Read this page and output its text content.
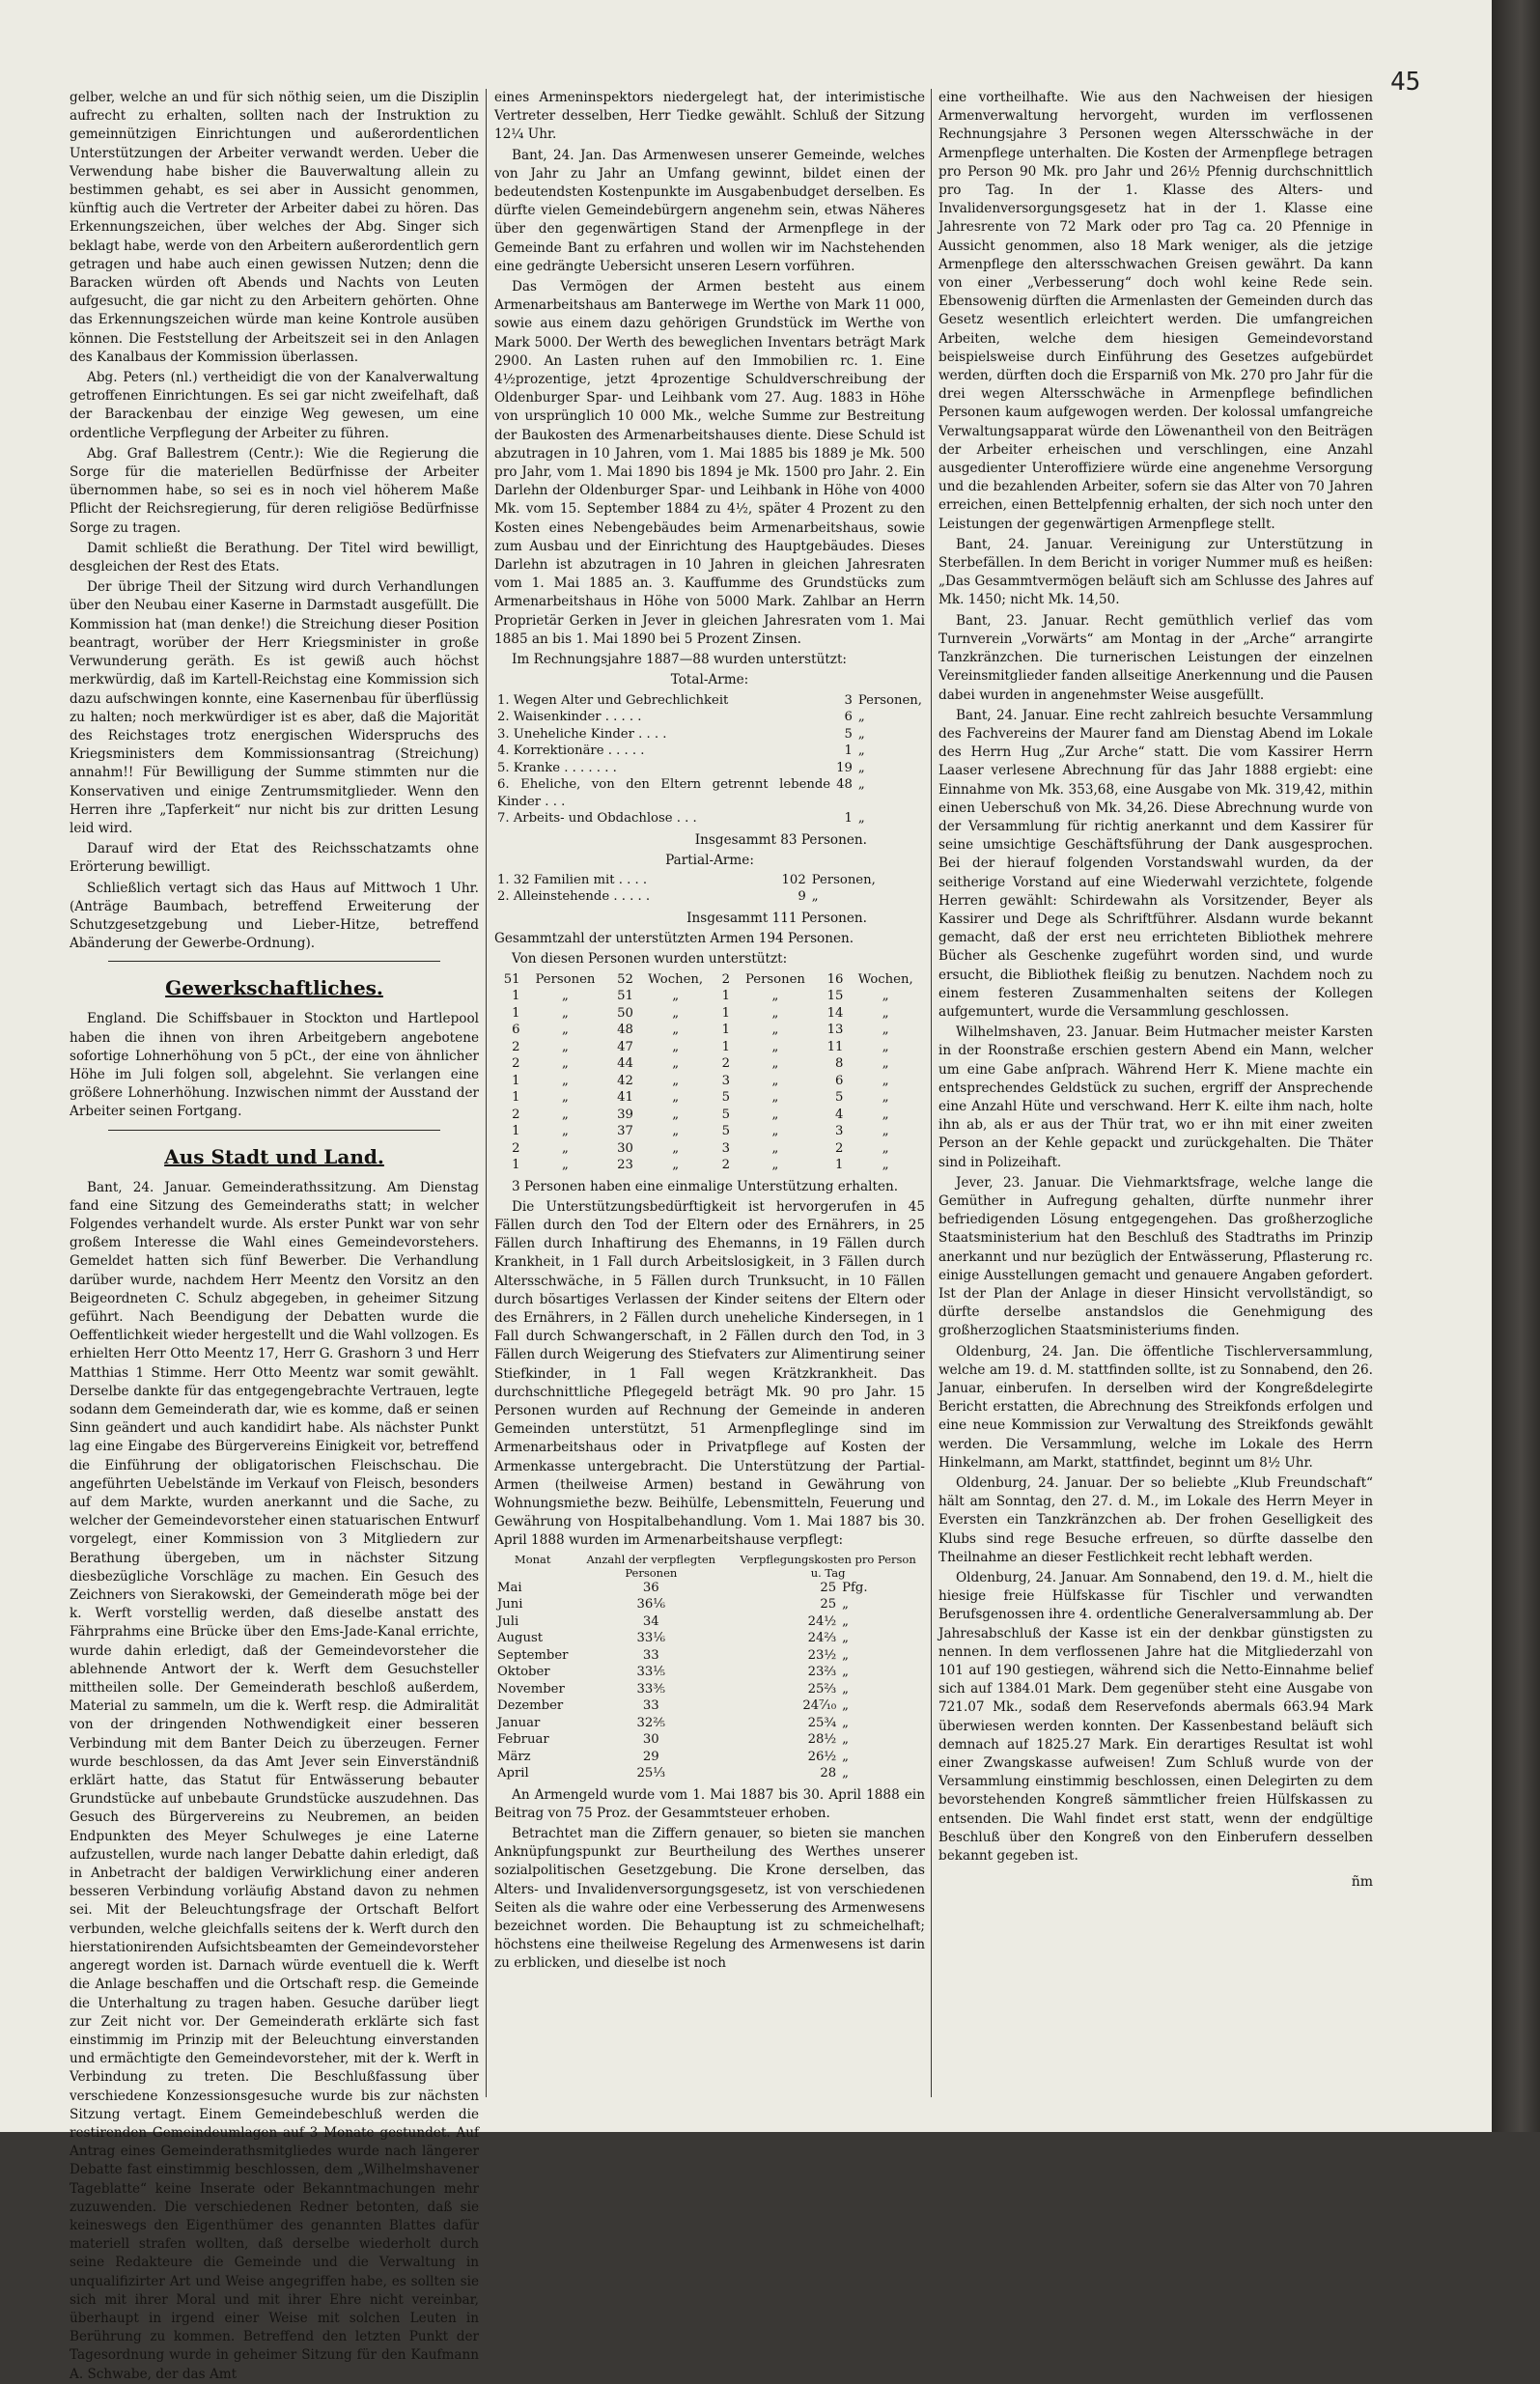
45

gelber, welche an und für sich nöthig seien, um die Disziplin aufrecht zu erhalten, sollten nach der Instruktion zu gemeinnützigen Einrichtungen und außerordentlichen Unterstützungen der Arbeiter verwandt werden. Ueber die Verwendung habe bisher die Bauverwaltung allein zu bestimmen gehabt, es sei aber in Aussicht genommen, künftig auch die Vertreter der Arbeiter dabei zu hören. Das Erkennungszeichen, über welches der Abg. Singer sich beklagt habe, werde von den Arbeitern außerordentlich gern getragen und habe auch einen gewissen Nutzen; denn die Baracken würden oft Abends und Nachts von Leuten aufgesucht, die gar nicht zu den Arbeitern gehörten. Ohne das Erkennungszeichen würde man keine Kontrole ausüben können. Die Feststellung der Arbeitszeit sei in den Anlagen des Kanalbaus der Kommission überlassen.

Abg. Peters (nl.) vertheidigt die von der Kanalverwaltung getroffenen Einrichtungen. Es sei gar nicht zweifelhaft, daß der Barackenbau der einzige Weg gewesen, um eine ordentliche Verpflegung der Arbeiter zu führen.

Abg. Graf Ballestrem (Centr.): Wie die Regierung die Sorge für die materiellen Bedürfnisse der Arbeiter übernommen habe, so sei es in noch viel höherem Maße Pflicht der Reichsregierung, für deren religiöse Bedürfnisse Sorge zu tragen.

Damit schließt die Berathung. Der Titel wird bewilligt, desgleichen der Rest des Etats.

Der übrige Theil der Sitzung wird durch Verhandlungen über den Neubau einer Kaserne in Darmstadt ausgefüllt. Die Kommission hat (man denke!) die Streichung dieser Position beantragt, worüber der Herr Kriegsminister in große Verwunderung geräth. Es ist gewiß auch höchst merkwürdig, daß im Kartell-Reichstag eine Kommission sich dazu aufschwingen konnte, eine Kasernenbau für überflüssig zu halten; noch merkwürdiger ist es aber, daß die Majorität des Reichstages trotz energischen Widerspruchs des Kriegsministers dem Kommissionsantrag (Streichung) annahm!! Für Bewilligung der Summe stimmten nur die Konservativen und einige Zentrumsmitglieder. Wenn den Herren ihre „Tapferkeit“ nur nicht bis zur dritten Lesung leid wird.

Darauf wird der Etat des Reichsschatzamts ohne Erörterung bewilligt.

Schließlich vertagt sich das Haus auf Mittwoch 1 Uhr. (Anträge Baumbach, betreffend Erweiterung der Schutzgesetzgebung und Lieber-Hitze, betreffend Abänderung der Gewerbe-Ordnung).

Gewerkschaftliches.

England. Die Schiffsbauer in Stockton und Hartlepool haben die ihnen von ihren Arbeitgebern angebotene sofortige Lohnerhöhung von 5 pCt., der eine von ähnlicher Höhe im Juli folgen soll, abgelehnt. Sie verlangen eine größere Lohnerhöhung. Inzwischen nimmt der Ausstand der Arbeiter seinen Fortgang.

Aus Stadt und Land.

Bant, 24. Januar. Gemeinderathssitzung. Am Dienstag fand eine Sitzung des Gemeinderaths statt; in welcher Folgendes verhandelt wurde. Als erster Punkt war von sehr großem Interesse die Wahl eines Gemeindevorstehers. Gemeldet hatten sich fünf Bewerber. Die Verhandlung darüber wurde, nachdem Herr Meentz den Vorsitz an den Beigeordneten C. Schulz abgegeben, in geheimer Sitzung geführt. Nach Beendigung der Debatten wurde die Oeffentlichkeit wieder hergestellt und die Wahl vollzogen. Es erhielten Herr Otto Meentz 17, Herr G. Grashorn 3 und Herr Matthias 1 Stimme. Herr Otto Meentz war somit gewählt. Derselbe dankte für das entgegengebrachte Vertrauen, legte sodann dem Gemeinderath dar, wie es komme, daß er seinen Sinn geändert und auch kandidirt habe. Als nächster Punkt lag eine Eingabe des Bürgervereins Einigkeit vor, betreffend die Einführung der obligatorischen Fleischschau. Die angeführten Uebelstände im Verkauf von Fleisch, besonders auf dem Markte, wurden anerkannt und die Sache, zu welcher der Gemeindevorsteher einen statuarischen Entwurf vorgelegt, einer Kommission von 3 Mitgliedern zur Berathung übergeben, um in nächster Sitzung diesbezügliche Vorschläge zu machen. Ein Gesuch des Zeichners von Sierakowski, der Gemeinderath möge bei der k. Werft vorstellig werden, daß dieselbe anstatt des Fährprahms eine Brücke über den Ems-Jade-Kanal errichte, wurde dahin erledigt, daß der Gemeindevorsteher die ablehnende Antwort der k. Werft dem Gesuchsteller mittheilen solle. Der Gemeinderath beschloß außerdem, Material zu sammeln, um die k. Werft resp. die Admiralität von der dringenden Nothwendigkeit einer besseren Verbindung mit dem Banter Deich zu überzeugen. Ferner wurde beschlossen, da das Amt Jever sein Einverständniß erklärt hatte, das Statut für Entwässerung bebauter Grundstücke auf unbebaute Grundstücke auszudehnen. Das Gesuch des Bürgervereins zu Neubremen, an beiden Endpunkten des Meyer Schulweges je eine Laterne aufzustellen, wurde nach langer Debatte dahin erledigt, daß in Anbetracht der baldigen Verwirklichung einer anderen besseren Verbindung vorläufig Abstand davon zu nehmen sei. Mit der Beleuchtungsfrage der Ortschaft Belfort verbunden, welche gleichfalls seitens der k. Werft durch den hierstationirenden Aufsichtsbeamten der Gemeindevorsteher angeregt worden ist. Darnach würde eventuell die k. Werft die Anlage beschaffen und die Ortschaft resp. die Gemeinde die Unterhaltung zu tragen haben. Gesuche darüber liegt zur Zeit nicht vor. Der Gemeinderath erklärte sich fast einstimmig im Prinzip mit der Beleuchtung einverstanden und ermächtigte den Gemeindevorsteher, mit der k. Werft in Verbindung zu treten. Die Beschlußfassung über verschiedene Konzessionsgesuche wurde bis zur nächsten Sitzung vertagt. Einem Gemeindebeschluß werden die restirenden Gemeindeumlagen auf 3 Monate gestundet. Auf Antrag eines Gemeinderathsmitgliedes wurde nach längerer Debatte fast einstimmig beschlossen, dem „Wilhelmshavener Tageblatte“ keine Inserate oder Bekanntmachungen mehr zuzuwenden. Die verschiedenen Redner betonten, daß sie keineswegs den Eigenthümer des genannten Blattes dafür materiell strafen wollten, daß derselbe wiederholt durch seine Redakteure die Gemeinde und die Verwaltung in unqualifizirter Art und Weise angegriffen habe, es sollten sie sich mit ihrer Moral und mit ihrer Ehre nicht vereinbar, überhaupt in irgend einer Weise mit solchen Leuten in Berührung zu kommen. Betreffend den letzten Punkt der Tagesordnung wurde in geheimer Sitzung für den Kaufmann A. Schwabe, der das Amt

eines Armeninspektors niedergelegt hat, der interimistische Vertreter desselben, Herr Tiedke gewählt. Schluß der Sitzung 12¼ Uhr.

Bant, 24. Jan. Das Armenwesen unserer Gemeinde, welches von Jahr zu Jahr an Umfang gewinnt, bildet einen der bedeutendsten Kostenpunkte im Ausgabenbudget derselben. Es dürfte vielen Gemeindebürgern angenehm sein, etwas Näheres über den gegenwärtigen Stand der Armenpflege in der Gemeinde Bant zu erfahren und wollen wir im Nachstehenden eine gedrängte Uebersicht unseren Lesern vorführen.

Das Vermögen der Armen besteht aus einem Armenarbeitshaus am Banterwege im Werthe von Mark 11 000, sowie aus einem dazu gehörigen Grundstück im Werthe von Mark 5000. Der Werth des beweglichen Inventars beträgt Mark 2900. An Lasten ruhen auf den Immobilien rc. 1. Eine 4½prozentige, jetzt 4prozentige Schuldverschreibung der Oldenburger Spar- und Leihbank vom 27. Aug. 1883 in Höhe von ursprünglich 10 000 Mk., welche Summe zur Bestreitung der Baukosten des Armenarbeitshauses diente. Diese Schuld ist abzutragen in 10 Jahren, vom 1. Mai 1885 bis 1889 je Mk. 500 pro Jahr, vom 1. Mai 1890 bis 1894 je Mk. 1500 pro Jahr. 2. Ein Darlehn der Oldenburger Spar- und Leihbank in Höhe von 4000 Mk. vom 15. September 1884 zu 4½, später 4 Prozent zu den Kosten eines Nebengebäudes beim Armenarbeitshaus, sowie zum Ausbau und der Einrichtung des Hauptgebäudes. Dieses Darlehn ist abzutragen in 10 Jahren in gleichen Jahresraten vom 1. Mai 1885 an. 3. Kauffumme des Grundstücks zum Armenarbeitshaus in Höhe von 5000 Mark. Zahlbar an Herrn Proprietär Gerken in Jever in gleichen Jahresraten vom 1. Mai 1885 an bis 1. Mai 1890 bei 5 Prozent Zinsen.

Im Rechnungsjahre 1887—88 wurden unterstützt:

Total-Arme:

1. Wegen Alter und Gebrechlichkeit	3	Personen,
2. Waisenkinder . . . . .	6	„
3. Uneheliche Kinder . . . .	5	„
4. Korrektionäre . . . . .	1	„
5. Kranke . . . . . . .	19	„
6. Eheliche, von den Eltern getrennt lebende Kinder . . .	48	„
7. Arbeits- und Obdachlose . . .	1	„

Insgesammt 83 Personen.

Partial-Arme:

1. 32 Familien mit . . . .	102	Personen,
2. Alleinstehende . . . . .	9	„

Insgesammt 111 Personen.

Gesammtzahl der unterstützten Armen 194 Personen.

Von diesen Personen wurden unterstützt:

51	Personen	52	Wochen,	2	Personen	16	Wochen,
1	„	51	„	1	„	15	„
1	„	50	„	1	„	14	„
6	„	48	„	1	„	13	„
2	„	47	„	1	„	11	„
2	„	44	„	2	„	8	„
1	„	42	„	3	„	6	„
1	„	41	„	5	„	5	„
2	„	39	„	5	„	4	„
1	„	37	„	5	„	3	„
2	„	30	„	3	„	2	„
1	„	23	„	2	„	1	„

3 Personen haben eine einmalige Unterstützung erhalten.

Die Unterstützungsbedürftigkeit ist hervorgerufen in 45 Fällen durch den Tod der Eltern oder des Ernährers, in 25 Fällen durch Inhaftirung des Ehemanns, in 19 Fällen durch Krankheit, in 1 Fall durch Arbeitslosigkeit, in 3 Fällen durch Altersschwäche, in 5 Fällen durch Trunksucht, in 10 Fällen durch bösartiges Verlassen der Kinder seitens der Eltern oder des Ernährers, in 2 Fällen durch uneheliche Kindersegen, in 1 Fall durch Schwangerschaft, in 2 Fällen durch den Tod, in 3 Fällen durch Weigerung des Stiefvaters zur Alimentirung seiner Stiefkinder, in 1 Fall wegen Krätzkrankheit. Das durchschnittliche Pflegegeld beträgt Mk. 90 pro Jahr. 15 Personen wurden auf Rechnung der Gemeinde in anderen Gemeinden unterstützt, 51 Armenpfleglinge sind im Armenarbeitshaus oder in Privatpflege auf Kosten der Armenkasse untergebracht. Die Unterstützung der Partial-Armen (theilweise Armen) bestand in Gewährung von Wohnungsmiethe bezw. Beihülfe, Lebensmitteln, Feuerung und Gewährung von Hospitalbehandlung. Vom 1. Mai 1887 bis 30. April 1888 wurden im Armenarbeitshause verpflegt:

Monat	Anzahl der verpflegten Personen	Verpflegungskosten pro Person u. Tag	
Mai	36	25	Pfg.
Juni	36⅙	25	„
Juli	34	24½	„
August	33⅙	24⅔	„
September	33	23½	„
Oktober	33⅕	23⅔	„
November	33⅗	25⅔	„
Dezember	33	24⁷⁄₁₀	„
Januar	32⅖	25¾	„
Februar	30	28½	„
März	29	26½	„
April	25⅓	28	„

An Armengeld wurde vom 1. Mai 1887 bis 30. April 1888 ein Beitrag von 75 Proz. der Gesammtsteuer erhoben.

Betrachtet man die Ziffern genauer, so bieten sie manchen Anknüpfungspunkt zur Beurtheilung des Werthes unserer sozialpolitischen Gesetzgebung. Die Krone derselben, das Alters- und Invalidenversorgungsgesetz, ist von verschiedenen Seiten als die wahre oder eine Verbesserung des Armenwesens bezeichnet worden. Die Behauptung ist zu schmeichelhaft; höchstens eine theilweise Regelung des Armenwesens ist darin zu erblicken, und dieselbe ist noch

eine vortheilhafte. Wie aus den Nachweisen der hiesigen Armenverwaltung hervorgeht, wurden im verflossenen Rechnungsjahre 3 Personen wegen Altersschwäche in der Armenpflege unterhalten. Die Kosten der Armenpflege betragen pro Person 90 Mk. pro Jahr und 26½ Pfennig durchschnittlich pro Tag. In der 1. Klasse des Alters- und Invalidenversorgungsgesetz hat in der 1. Klasse eine Jahresrente von 72 Mark oder pro Tag ca. 20 Pfennige in Aussicht genommen, also 18 Mark weniger, als die jetzige Armenpflege den altersschwachen Greisen gewährt. Da kann von einer „Verbesserung“ doch wohl keine Rede sein. Ebensowenig dürften die Armenlasten der Gemeinden durch das Gesetz wesentlich erleichtert werden. Die umfangreichen Arbeiten, welche dem hiesigen Gemeindevorstand beispielsweise durch Einführung des Gesetzes aufgebürdet werden, dürften doch die Ersparniß von Mk. 270 pro Jahr für die drei wegen Altersschwäche in Armenpflege befindlichen Personen kaum aufgewogen werden. Der kolossal umfangreiche Verwaltungsapparat würde den Löwenantheil von den Beiträgen der Arbeiter erheischen und verschlingen, eine Anzahl ausgedienter Unteroffiziere würde eine angenehme Versorgung und die bezahlenden Arbeiter, sofern sie das Alter von 70 Jahren erreichen, einen Bettelpfennig erhalten, der sich noch unter den Leistungen der gegenwärtigen Armenpflege stellt.

Bant, 24. Januar. Vereinigung zur Unterstützung in Sterbefällen. In dem Bericht in voriger Nummer muß es heißen: „Das Gesammtvermögen beläuft sich am Schlusse des Jahres auf Mk. 1450; nicht Mk. 14,50.

Bant, 23. Januar. Recht gemüthlich verlief das vom Turnverein „Vorwärts“ am Montag in der „Arche“ arrangirte Tanzkränzchen. Die turnerischen Leistungen der einzelnen Vereinsmitglieder fanden allseitige Anerkennung und die Pausen dabei wurden in angenehmster Weise ausgefüllt.

Bant, 24. Januar. Eine recht zahlreich besuchte Versammlung des Fachvereins der Maurer fand am Dienstag Abend im Lokale des Herrn Hug „Zur Arche“ statt. Die vom Kassirer Herrn Laaser verlesene Abrechnung für das Jahr 1888 ergiebt: eine Einnahme von Mk. 353,68, eine Ausgabe von Mk. 319,42, mithin einen Ueberschuß von Mk. 34,26. Diese Abrechnung wurde von der Versammlung für richtig anerkannt und dem Kassirer für seine umsichtige Geschäftsführung der Dank ausgesprochen. Bei der hierauf folgenden Vorstandswahl wurden, da der seitherige Vorstand auf eine Wiederwahl verzichtete, folgende Herren gewählt: Schirdewahn als Vorsitzender, Beyer als Kassirer und Dege als Schriftführer. Alsdann wurde bekannt gemacht, daß der erst neu errichteten Bibliothek mehrere Bücher als Geschenke zugeführt worden sind, und wurde ersucht, die Bibliothek fleißig zu benutzen. Nachdem noch zu einem festeren Zusammenhalten seitens der Kollegen aufgemuntert, wurde die Versammlung geschlossen.

Wilhelmshaven, 23. Januar. Beim Hutmacher meister Karsten in der Roonstraße erschien gestern Abend ein Mann, welcher um eine Gabe anſprach. Während Herr K. Miene machte ein entsprechendes Geldstück zu suchen, ergriff der Ansprechende eine Anzahl Hüte und verschwand. Herr K. eilte ihm nach, holte ihn ab, als er aus der Thür trat, wo er ihn mit einer zweiten Person an der Kehle gepackt und zurückgehalten. Die Thäter sind in Polizeihaft.

Jever, 23. Januar. Die Viehmarktsfrage, welche lange die Gemüther in Aufregung gehalten, dürfte nunmehr ihrer befriedigenden Lösung entgegengehen. Das großherzogliche Staatsministerium hat den Beschluß des Stadtraths im Prinzip anerkannt und nur bezüglich der Entwässerung, Pflasterung rc. einige Ausstellungen gemacht und genauere Angaben gefordert. Ist der Plan der Anlage in dieser Hinsicht vervollständigt, so dürfte derselbe anstandslos die Genehmigung des großherzoglichen Staatsministeriums finden.

Oldenburg, 24. Jan. Die öffentliche Tischlerversammlung, welche am 19. d. M. stattfinden sollte, ist zu Sonnabend, den 26. Januar, einberufen. In derselben wird der Kongreßdelegirte Bericht erstatten, die Abrechnung des Streikfonds erfolgen und eine neue Kommission zur Verwaltung des Streikfonds gewählt werden. Die Versammlung, welche im Lokale des Herrn Hinkelmann, am Markt, stattfindet, beginnt um 8½ Uhr.

Oldenburg, 24. Januar. Der so beliebte „Klub Freundschaft“ hält am Sonntag, den 27. d. M., im Lokale des Herrn Meyer in Eversten ein Tanzkränzchen ab. Der frohen Geselligkeit des Klubs sind rege Besuche erfreuen, so dürfte dasselbe den Theilnahme an dieser Festlichkeit recht lebhaft werden.

Oldenburg, 24. Januar. Am Sonnabend, den 19. d. M., hielt die hiesige freie Hülfskasse für Tischler und verwandten Berufsgenossen ihre 4. ordentliche Generalversammlung ab. Der Jahresabschluß der Kasse ist ein der denkbar günstigsten zu nennen. In dem verflossenen Jahre hat die Mitgliederzahl von 101 auf 190 gestiegen, während sich die Netto-Einnahme belief sich auf 1384.01 Mark. Dem gegenüber steht eine Ausgabe von 721.07 Mk., sodaß dem Reservefonds abermals 663.94 Mark überwiesen werden konnten. Der Kassenbestand beläuft sich demnach auf 1825.27 Mark. Ein derartiges Resultat ist wohl einer Zwangskasse aufweisen! Zum Schluß wurde von der Versammlung einstimmig beschlossen, einen Delegirten zu dem bevorstehenden Kongreß sämmtlicher freien Hülfskassen zu entsenden. Die Wahl findet erst statt, wenn der endgültige Beschluß über den Kongreß von den Einberufern desselben bekannt gegeben ist.

ñm
